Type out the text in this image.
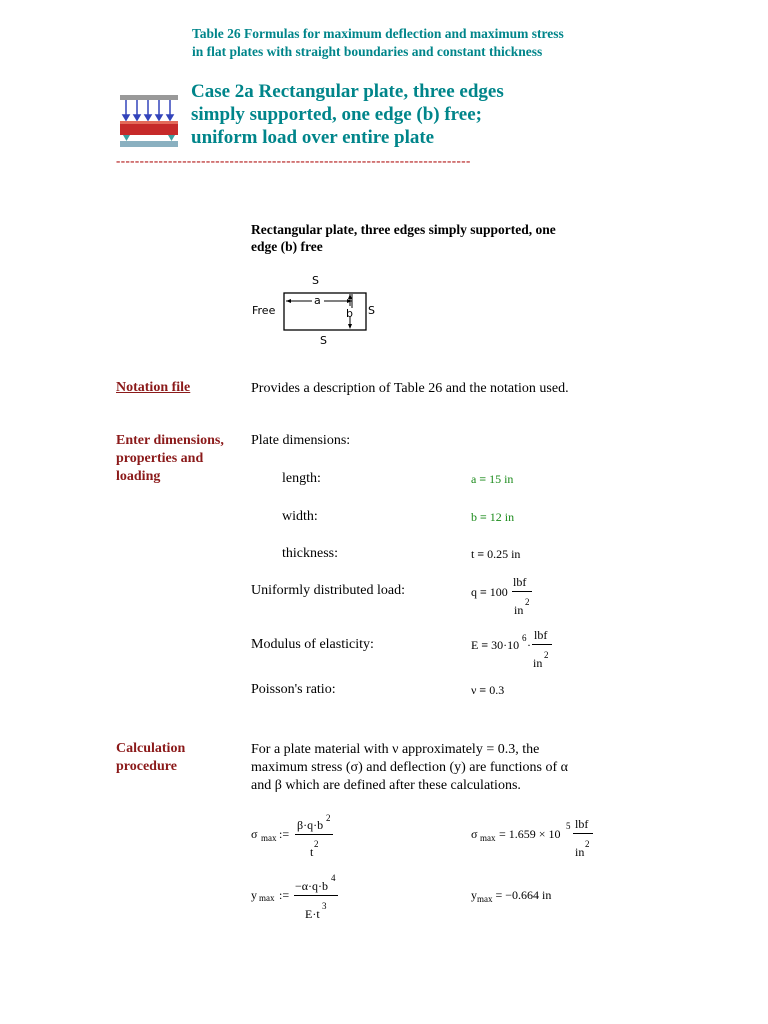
Table 26 Formulas for maximum deflection and maximum stress in flat plates with straight boundaries and constant thickness
Case 2a Rectangular plate, three edges
simply supported, one edge (b) free;
uniform load over entire plate
---------------------------------------------------------------------------
Rectangular plate, three edges simply supported, one
edge (b) free
S
S
S
Free
a
b
Notation file	Provides a description of Table 26 and the notation used.
Enter dimensions,
properties and
loading
Plate dimensions:
length:	a ≡ 15 in
width:	b ≡ 12 in
thickness:	t ≡ 0.25 in
Uniformly distributed load:	q ≡ 100
lbf
in
2
Modulus of elasticity:	E ≡ 30·10 6 ·
lbf
in
2
Poisson's ratio:	ν ≡ 0.3
Calculation
procedure
For a plate material with ν approximately = 0.3, the
maximum stress (σ) and deflection (y) are functions of α
and β which are defined after these calculations.
σ max :=
β·q·b 2
t
2
σ max = 1.659 × 10
5 lbf
in
2
y max :=
−α·q·b
4
E·t
3
$y_{max} = -0.664$ in
